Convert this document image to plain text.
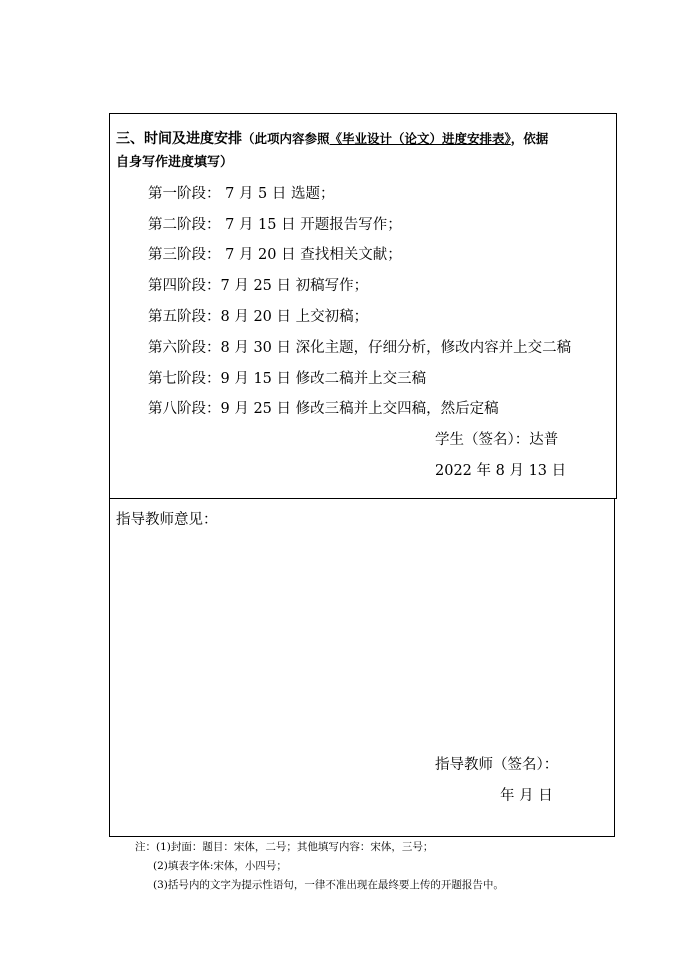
三、时间及进度安排（此项内容参照《毕业设计（论文）进度安排表》，依据
自身写作进度填写）
第一阶段： 7 月 5 日 选题；
第二阶段： 7 月 15 日 开题报告写作；
第三阶段： 7 月 20 日 查找相关文献；
第四阶段：7 月 25 日 初稿写作；
第五阶段：8 月 20 日 上交初稿；
第六阶段：8 月 30 日 深化主题，仔细分析，修改内容并上交二稿
第七阶段：9 月 15 日 修改二稿并上交三稿
第八阶段：9 月 25 日 修改三稿并上交四稿，然后定稿
学生（签名）：达普
2022 年 8 月 13 日
指导教师意见：
指导教师（签名）：
年 月 日
注：(1)封面：题目：宋体，二号；其他填写内容：宋体，三号；
(2)填表字体:宋体，小四号；
(3)括号内的文字为提示性语句，一律不准出现在最终要上传的开题报告中。
